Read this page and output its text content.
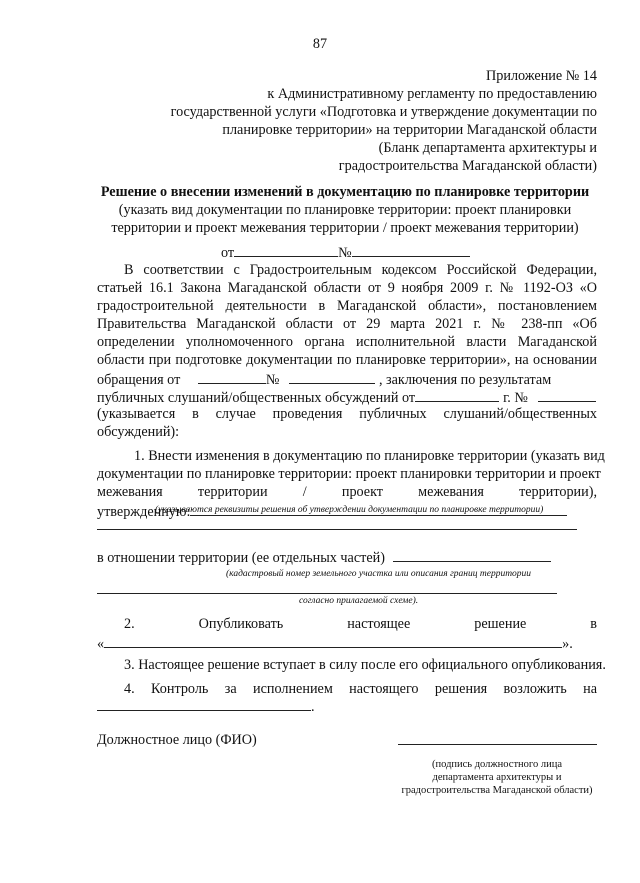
87
Приложение № 14
к Административному регламенту по предоставлению
государственной услуги «Подготовка и утверждение документации по
планировке территории» на территории Магаданской области
(Бланк департамента архитектуры и
градостроительства Магаданской области)
Решение о внесении изменений в документацию по планировке территории
(указать вид документации по планировке территории: проект планировки
территории и проект межевания территории / проект межевания территории)
от	№
В соответствии с Градостроительным кодексом Российской Федерации,
статьей 16.1 Закона Магаданской области от 9 ноября 2009 г. № 1192-ОЗ «О
градостроительной деятельности в Магаданской области», постановлением
Правительства Магаданской области от 29 марта 2021 г. № 238-пп «Об
определении уполномоченного органа исполнительной власти Магаданской
области при подготовке документации по планировке территории», на основании
обращения от	№	, заключения по результатам
публичных слушаний/общественных обсуждений от	г. №
(указывается в случае проведения публичных слушаний/общественных
обсуждений):
1. Внести изменения в документацию по планировке территории (указать вид
документации по планировке территории: проект планировки территории и проект
межевания территории / проект межевания территории),
утвержденную:
(указываются реквизиты решения об утверждении документации по планировке территории)
в отношении территории (ее отдельных частей)
(кадастровый номер земельного участка или описания границ территории
согласно прилагаемой схеме).
2. Опубликовать настоящее решение в
«	».
3. Настоящее решение вступает в силу после его официального опубликования.
4. Контроль за исполнением настоящего решения возложить на
.
Должностное лицо (ФИО)
(подпись должностного лица
департамента архитектуры и
градостроительства Магаданской области)
